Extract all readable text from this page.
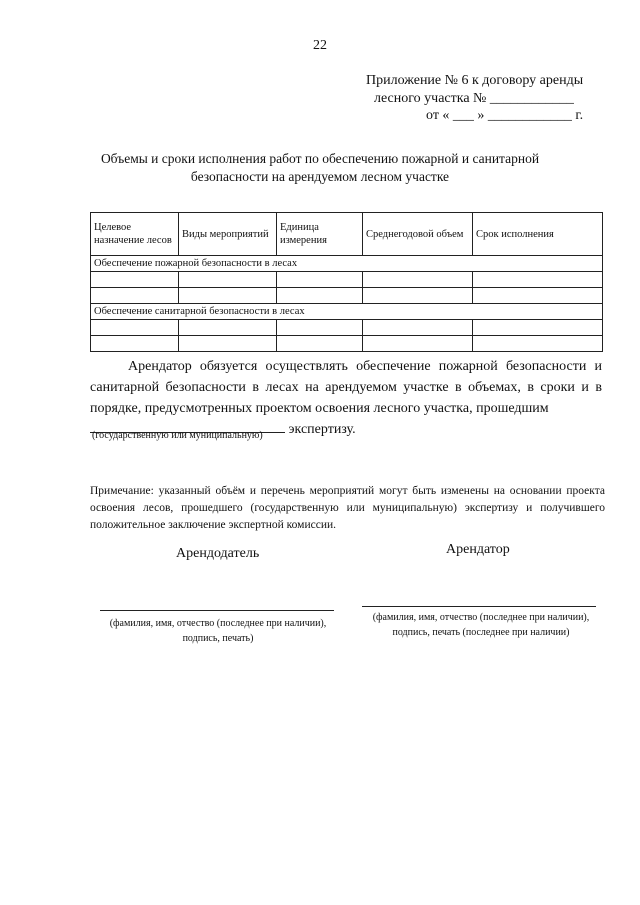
22
Приложение № 6 к договору аренды
лесного участка № ____________
от « ___ » ____________ г.
Объемы и сроки исполнения работ по обеспечению пожарной и санитарной безопасности на арендуемом лесном участке
Целевое назначение лесов	Виды мероприятий	Единица измерения	Среднегодовой объем	Срок исполнения
Обеспечение пожарной безопасности в лесах				

Обеспечение санитарной безопасности в лесах				

Арендатор обязуется осуществлять обеспечение пожарной безопасности и санитарной безопасности в лесах на арендуемом участке в объемах, в сроки и в порядке, предусмотренных проектом освоения лесного участка, прошедшим
экспертизу.
(государственную или муниципальную)
Примечание: указанный объём и перечень мероприятий могут быть изменены на основании проекта освоения лесов, прошедшего (государственную или муниципальную) экспертизу и получившего положительное заключение экспертной комиссии.
Арендодатель	Арендатор
(фамилия, имя, отчество (последнее при наличии), подпись, печать)
(фамилия, имя, отчество (последнее при наличии), подпись, печать (последнее при наличии)
